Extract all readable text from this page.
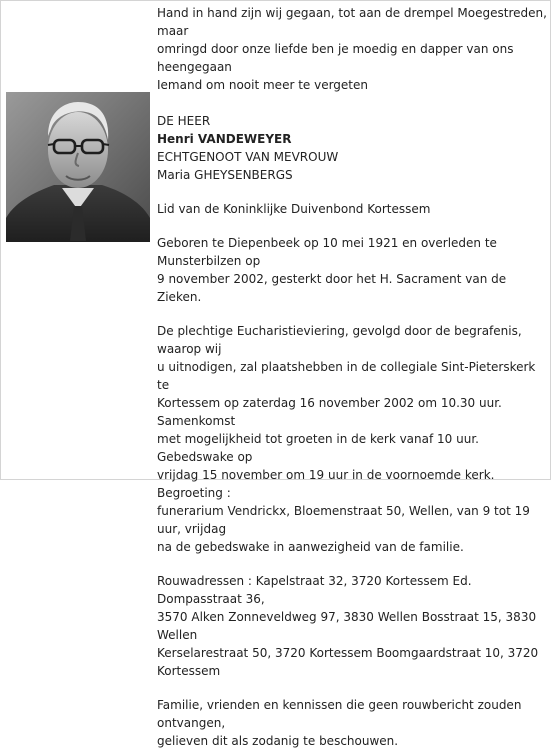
Hand in hand zijn wij gegaan, tot aan de drempel Moegestreden, maar

omringd door onze liefde ben je moedig en dapper van ons heengegaan

Iemand om nooit meer te vergeten

DE HEER

Henri VANDEWEYER

ECHTGENOOT VAN MEVROUW

Maria GHEYSENBERGS

Lid van de Koninklijke Duivenbond Kortessem

Geboren te Diepenbeek op 10 mei 1921 en overleden te Munsterbilzen op

9 november 2002, gesterkt door het H. Sacrament van de Zieken.

De plechtige Eucharistieviering, gevolgd door de begrafenis, waarop wij

u uitnodigen, zal plaatshebben in de collegiale Sint-Pieterskerk te

Kortessem op zaterdag 16 november 2002 om 10.30 uur. Samenkomst

met mogelijkheid tot groeten in de kerk vanaf 10 uur. Gebedswake op

vrijdag 15 november om 19 uur in de voornoemde kerk. Begroeting :

funerarium Vendrickx, Bloemenstraat 50, Wellen, van 9 tot 19 uur, vrijdag

na de gebedswake in aanwezigheid van de familie.

Rouwadressen : Kapelstraat 32, 3720 Kortessem Ed. Dompasstraat 36,

3570 Alken Zonneveldweg 97, 3830 Wellen Bosstraat 15, 3830 Wellen

Kerselarestraat 50, 3720 Kortessem Boomgaardstraat 10, 3720

Kortessem

Familie, vrienden en kennissen die geen rouwbericht zouden ontvangen,

gelieven dit als zodanig te beschouwen.
